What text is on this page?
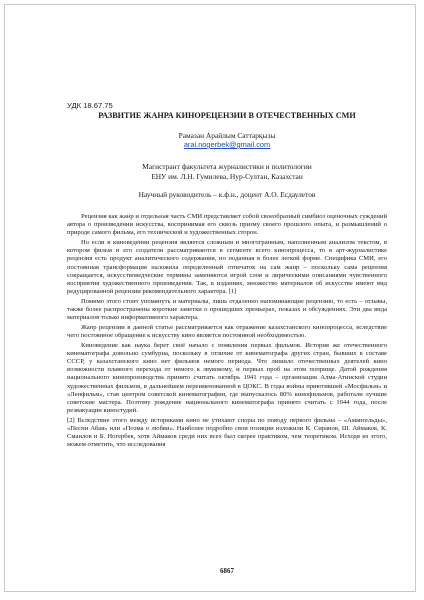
УДК 18.67.75
РАЗВИТИЕ ЖАНРА КИНОРЕЦЕНЗИИ В ОТЕЧЕСТВЕННЫХ СМИ
Рамазан Арайлым Саттарқызы
arai.nogerbek@gmail.com
Магистрант факультета журналистики и политологии
ЕНУ им. Л.Н. Гумилева, Нур-Султан, Казахстан
Научный руководитель – к.ф.н., доцент А.О. Есдаулетов

Рецензия как жанр и отдельная часть СМИ представляет собой своеобразный симбиоз оценочных суждений автора о произведении искусства, воспринимая его сквозь призму своего прошлого опыта, и размышлений о природе самого фильма, его технической и художественных сторон.

Но если в киноведении рецензия является сложным и многогранным, наполненным анализом текстом, в котором фильм и его создатели рассматриваются в сегменте всего кинопроцесса, то в арт-журналистике рецензия есть продукт аналитического содержания, но поданная в более легкой форме. Специфика СМИ, его постоянная трансформация наложила определенный отпечаток на сам жанр – поскольку сама рецензия сокращается, искусствоведческие термины заменяются игрой слов и лирическими описаниями чувственного восприятия художественного произведения. Так, в изданиях, множество материалов об искусстве имеют вид редуцированной рецензии рекомендательного характера. [1]

Помимо этого стоит упомянуть и материалы, лишь отдаленно напоминающие рецензию, то есть – отзывы, также более распространены короткие заметки о прошедших премьерах, показах и обсуждениях. Эти два вида материалов только информативного характера.

Жанр рецензии в данной статье рассматривается как отражение казахстанского кинопроцесса, вследствие чего постоянное обращение к искусству кино является постоянной необходимостью.

Киноведение как наука берет своё начало с появления первых фильмов. История же отечественного кинематографа довольно сумбурна, поскольку в отличие от кинематографа других стран, бывших в составе СССР, у казахстанского кино нет фильмов немого периода. Что лишило отечественных деятелей кино возможности плавного перехода от немого к звуковому, и первых проб на этом поприще. Датой рождения национального кинопроизводства принято считать октябрь 1941 года – организация Алма-Атинской студии художественных фильмов, в дальнейшем переименованной в ЦОКС. В годы войны приютившей «Мосфильм» и «Ленфильм», став центром советской кинематографии, где выпускалось 80% кинофильмов, работали лучшие советские мастера. Поэтому рождение национального кинематографа принято считать с 1944 года, после реэвакуации киностудий.

[2] Вследствие этого между историками кино не утихают споры по поводу первого фильма – «Амангельды», «Песни Абая» или «Поэма о любви». Наиболее подробно свои позиции изложили К. Сиранов, Ш. Аймаков, К. Смаилов и Б. Ногербек, хотя Аймаков среди них всех был скорее практиком, чем теоретиком. Исходя из этого, можем отметить, что исследования

6867
